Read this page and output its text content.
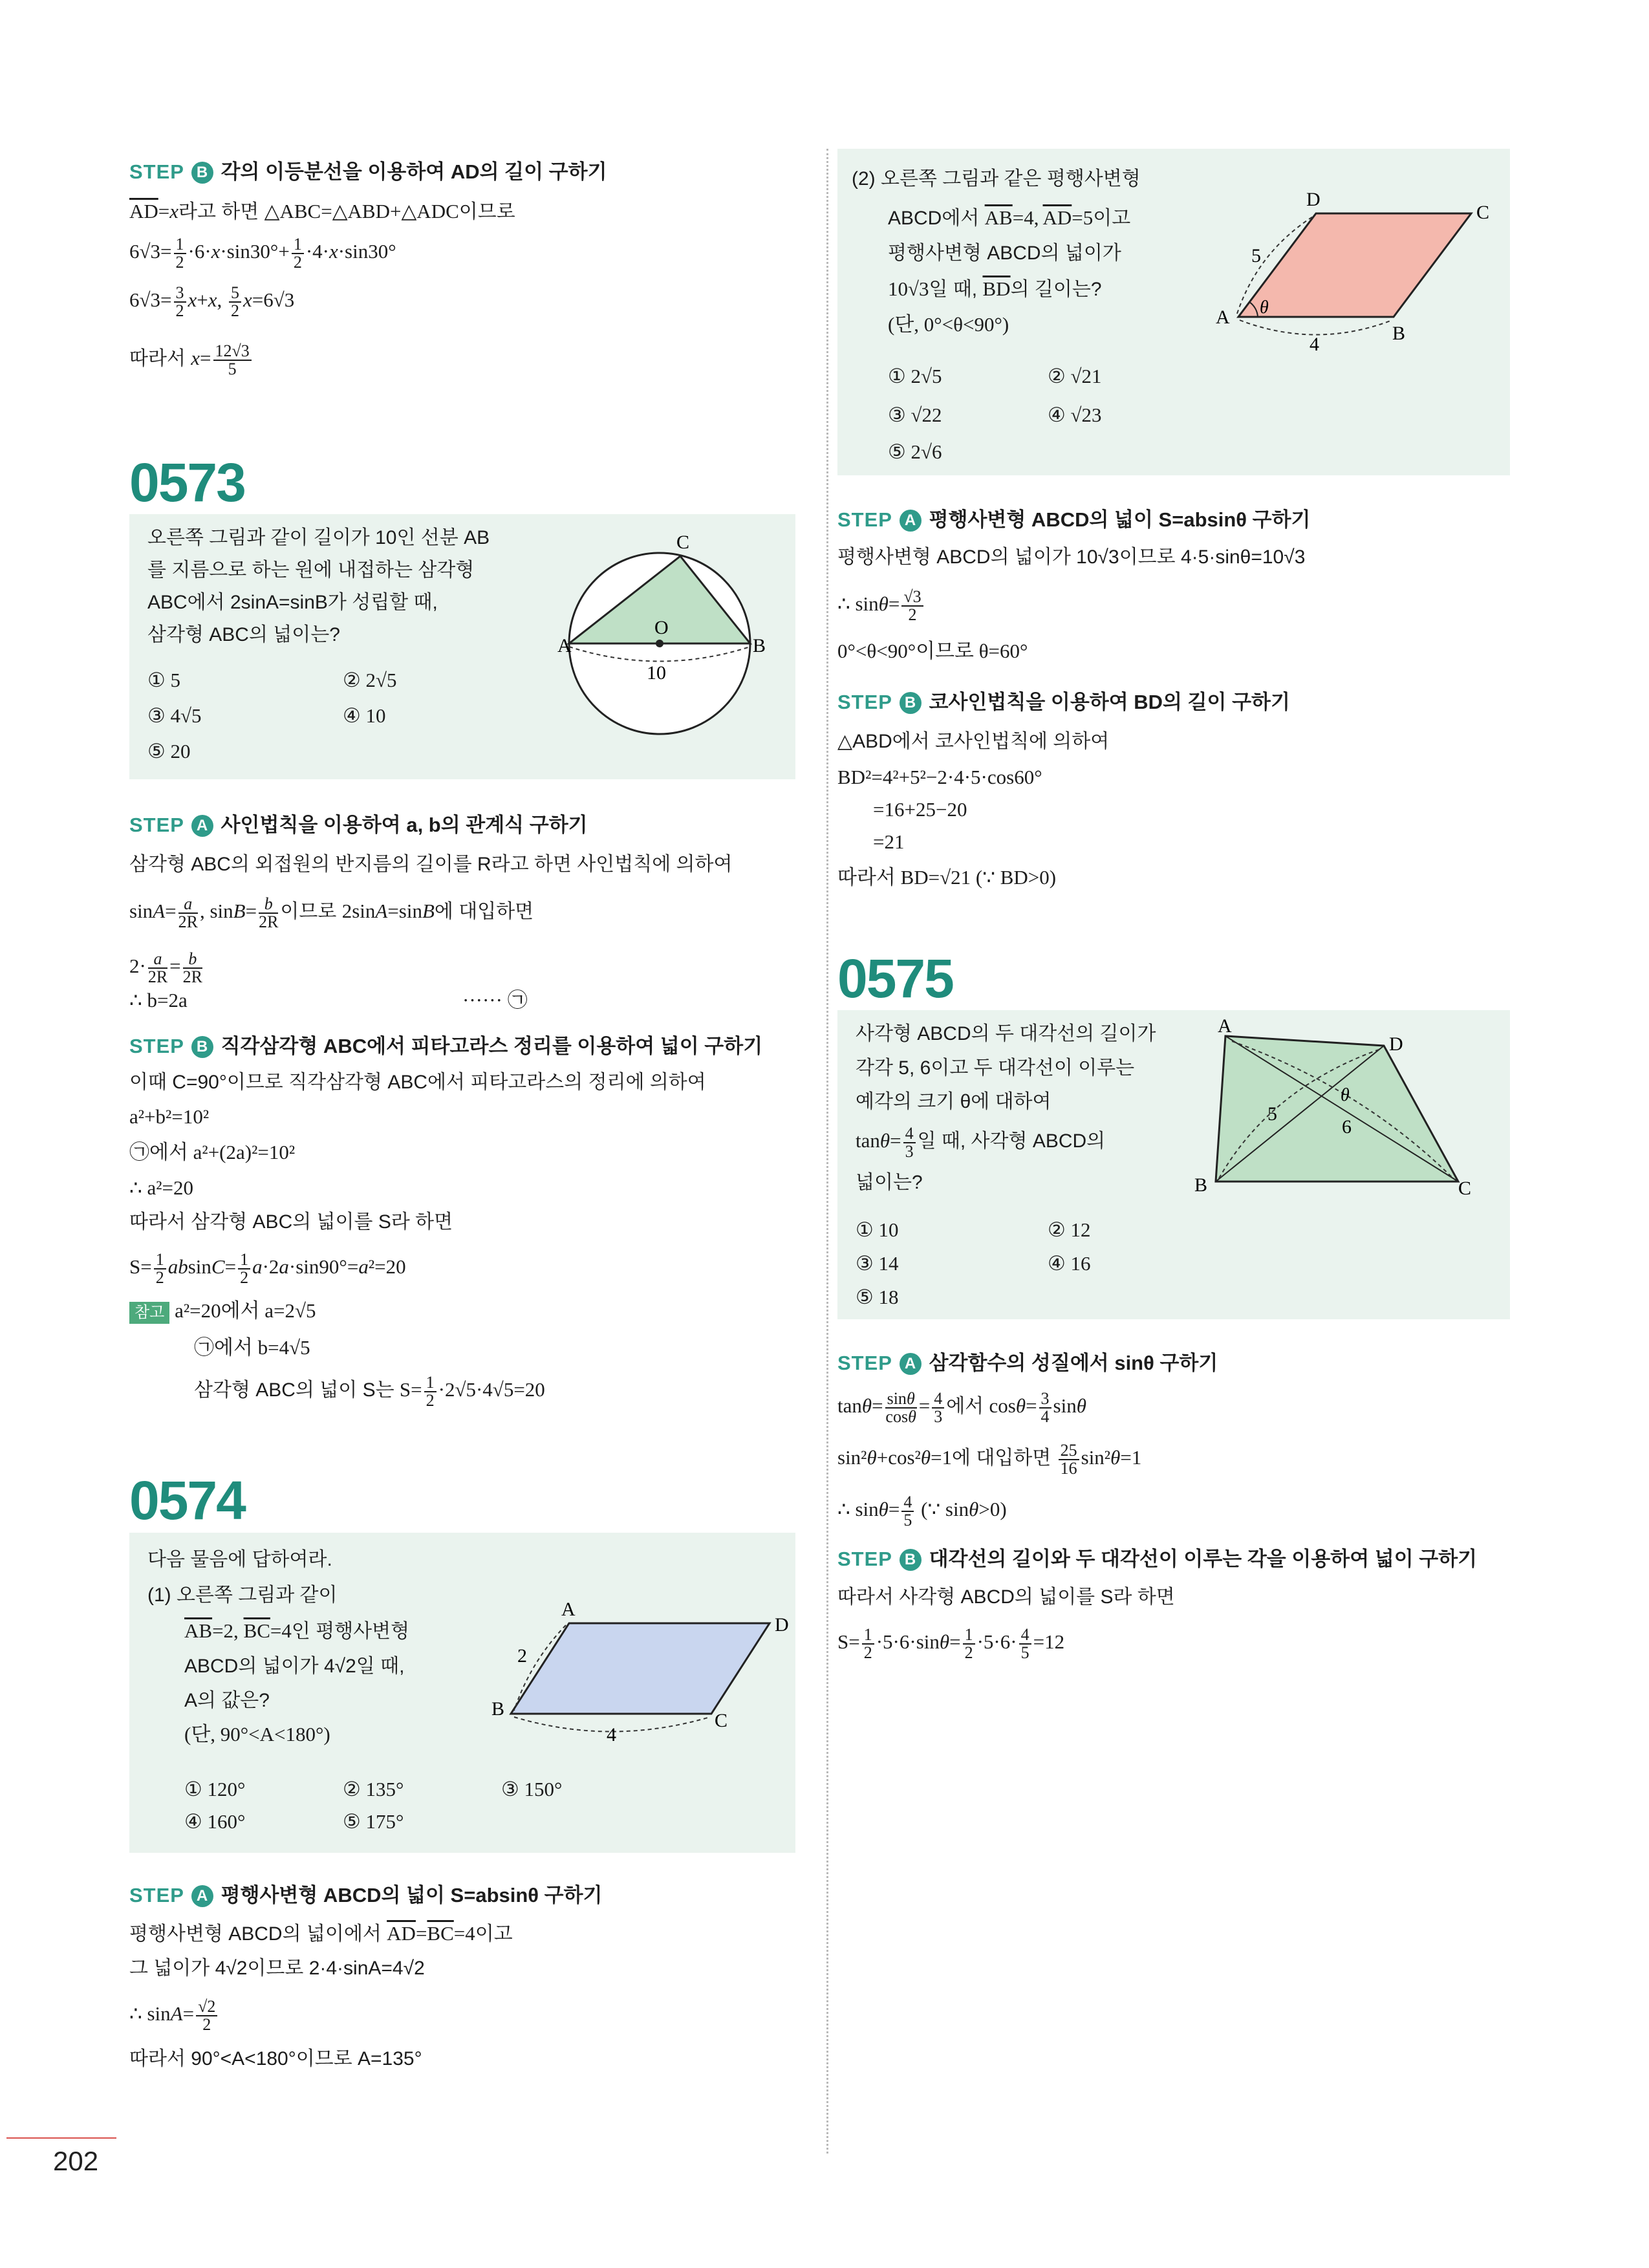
STEP B 각의 이등분선을 이용하여 AD의 길이 구하기
$\overline{AD}=x$라고 하면 △ABC=△ABD+△ADC이므로
$6√3= \frac{1}{2} \cdot 6\cdot x\cdot\sin 30^\circ+ \frac{1}{2} \cdot 4\cdot x\cdot\sin 30^\circ$
$6√3= \frac{3}{2} x+x$, $\frac{5}{2} x=6√3$
따라서 $x= \frac{12√3}{5}$
0573
오른쪽 그림과 같이 길이가 10인 선분 AB
를 지름으로 하는 원에 내접하는 삼각형
ABC에서 2sinA=sinB가 성립할 때,
삼각형 ABC의 넓이는?
① 5	② 2√5
③ 4√5	④ 10
⑤ 20
A	B
C
O
10
STEP A 사인법칙을 이용하여 a, b의 관계식 구하기
삼각형 ABC의 외접원의 반지름의 길이를 R라고 하면 사인법칙에 의하여
$\sin A= \frac{a}{2R}$ , $\sin B= \frac{b}{2R}$ 이므로 2sinA=sinB에 대입하면
$2\cdot \frac{a}{2R} = \frac{b}{2R}$
∴ b=2a	······ ㉠
STEP B 직각삼각형 ABC에서 피타고라스 정리를 이용하여 넓이 구하기
이때 C=90°이므로 직각삼각형 ABC에서 피타고라스의 정리에 의하여
a²+b²=10²
㉠에서 a²+(2a)²=10²
∴ a²=20
따라서 삼각형 ABC의 넓이를 S라 하면
$S= \frac{1}{2} absinC= \frac{1}{2} a\cdot 2a\cdot\sin 90^\circ=a^2=20$
참고 a²=20에서 a=2√5
㉠에서 b=4√5
삼각형 ABC의 넓이 S는 $S= \frac{1}{2} \cdot 2√5\cdot 4√5=20$
0574
다음 물음에 답하여라.
(1) 오른쪽 그림과 같이
$\overline{AB}=2$, $\overline{BC}=4$인 평행사변형
ABCD의 넓이가 4√2일 때,
A의 값은?
(단, 90°<A<180°)
① 120°	② 135°	③ 150°
④ 160°	⑤ 175°
A
B
C
D
2
4
STEP A 평행사변형 ABCD의 넓이 S=absinθ 구하기
평행사변형 ABCD의 넓이에서 $\overline{AD}=\overline{BC}=4$이고
그 넓이가 4√2이므로 2·4·sinA=4√2
∴ $\sin A= \frac{√2}{2}$
따라서 90°<A<180°이므로 A=135°
(2) 오른쪽 그림과 같은 평행사변형
ABCD에서 $\overline{AB}=4$, $\overline{AD}=5$이고
평행사변형 ABCD의 넓이가
10√3일 때, $\overline{BD}$의 길이는?
(단, 0°<θ<90°)
① 2√5	② √21
③ √22	④ √23
⑤ 2√6
A
B
C
D
5
4
θ
STEP A 평행사변형 ABCD의 넓이 S=absinθ 구하기
평행사변형 ABCD의 넓이가 10√3이므로 4·5·sinθ=10√3
∴ $\sin\theta= \frac{√3}{2}$
0°<θ<90°이므로 θ=60°
STEP B 코사인법칙을 이용하여 BD의 길이 구하기
△ABD에서 코사인법칙에 의하여
BD²=4²+5²−2·4·5·cos60°
=16+25−20
=21
따라서 BD=√21 (∵ BD>0)
0575
사각형 ABCD의 두 대각선의 길이가
각각 5, 6이고 두 대각선이 이루는
예각의 크기 θ에 대하여
$\tan\theta= \frac{4}{3}$ 일 때, 사각형 ABCD의
넓이는?
① 10	② 12
③ 14	④ 16
⑤ 18
A
B	C
D
5
6
θ
STEP A 삼각함수의 성질에서 sinθ 구하기
$\tan\theta= \frac{\sin\theta}{\cos\theta} = \frac{4}{3}$ 에서 $\cos\theta= \frac{3}{4}$ sinθ
sin²θ+cos²θ=1에 대입하면 $\frac{25}{16} \sin^2\theta=1$
∴ $\sin\theta= \frac{4}{5}$ (∵ sinθ>0)
STEP B 대각선의 길이와 두 대각선이 이루는 각을 이용하여 넓이 구하기
따라서 사각형 ABCD의 넓이를 S라 하면
$S= \frac{1}{2} \cdot 5\cdot 6\cdot\sin\theta= \frac{1}{2} \cdot 5\cdot 6\cdot \frac{4}{5} =12$
202
